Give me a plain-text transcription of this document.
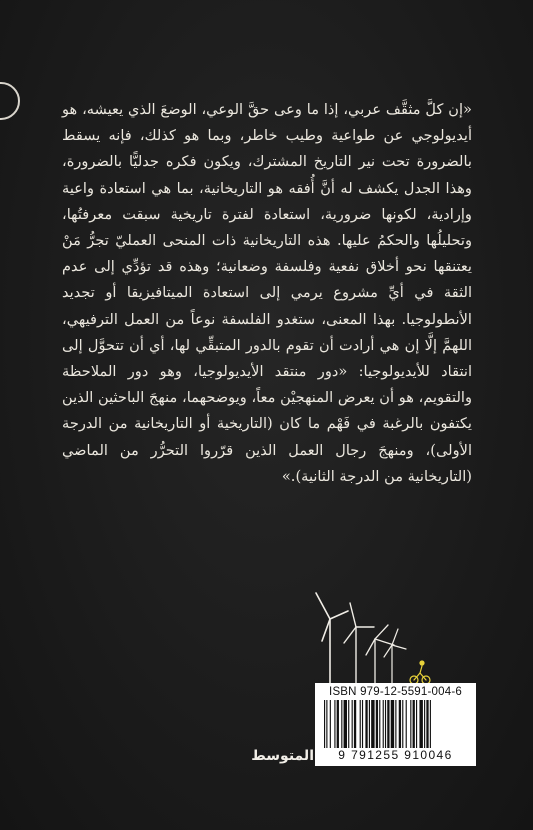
«إن كلَّ مثقَّف عربي، إذا ما وعى حقَّ الوعي، الوضعَ الذي يعيشه، هو أيديولوجي عن طواعية وطيب خاطر، وبما هو كذلك، فإنه يسقط بالضرورة تحت نير التاريخ المشترك، ويكون فكره جدليًّا بالضرورة، وهذا الجدل يكشف له أنَّ أُفقه هو التاريخانية، بما هي استعادة واعية وإرادية، لكونها ضرورية، استعادة لفترة تاريخية سبقت معرفتُها، وتحليلُها والحكمُ عليها. هذه التاريخانية ذات المنحى العمليّ تجرُّ مَنْ يعتنقها نحو أخلاق نفعية وفلسفة وضعانية؛ وهذه قد تؤدِّي إلى عدم الثقة في أيِّ مشروع يرمي إلى استعادة الميتافيزيقا أو تجديد الأنطولوجيا. بهذا المعنى، ستغدو الفلسفة نوعاً من العمل الترفيهي، اللهمَّ إلَّا إن هي أرادت أن تقوم بالدور المتبقِّي لها، أي أن تتحوَّل إلى انتقاد للأيديولوجيا: «دور منتقد الأيديولوجيا، وهو دور الملاحظة والتقويم، هو أن يعرض المنهجيْن معاً، ويوضحهما، منهجَ الباحثين الذين يكتفون بالرغبة في فَهْم ما كان (التاريخية أو التاريخانية من الدرجة الأولى)، ومنهجَ رجال العمل الذين قرّروا التحرُّر من الماضي (التاريخانية من الدرجة الثانية).»

ISBN 979-12-5591-004-6
9 791255 910046
المتوسط
